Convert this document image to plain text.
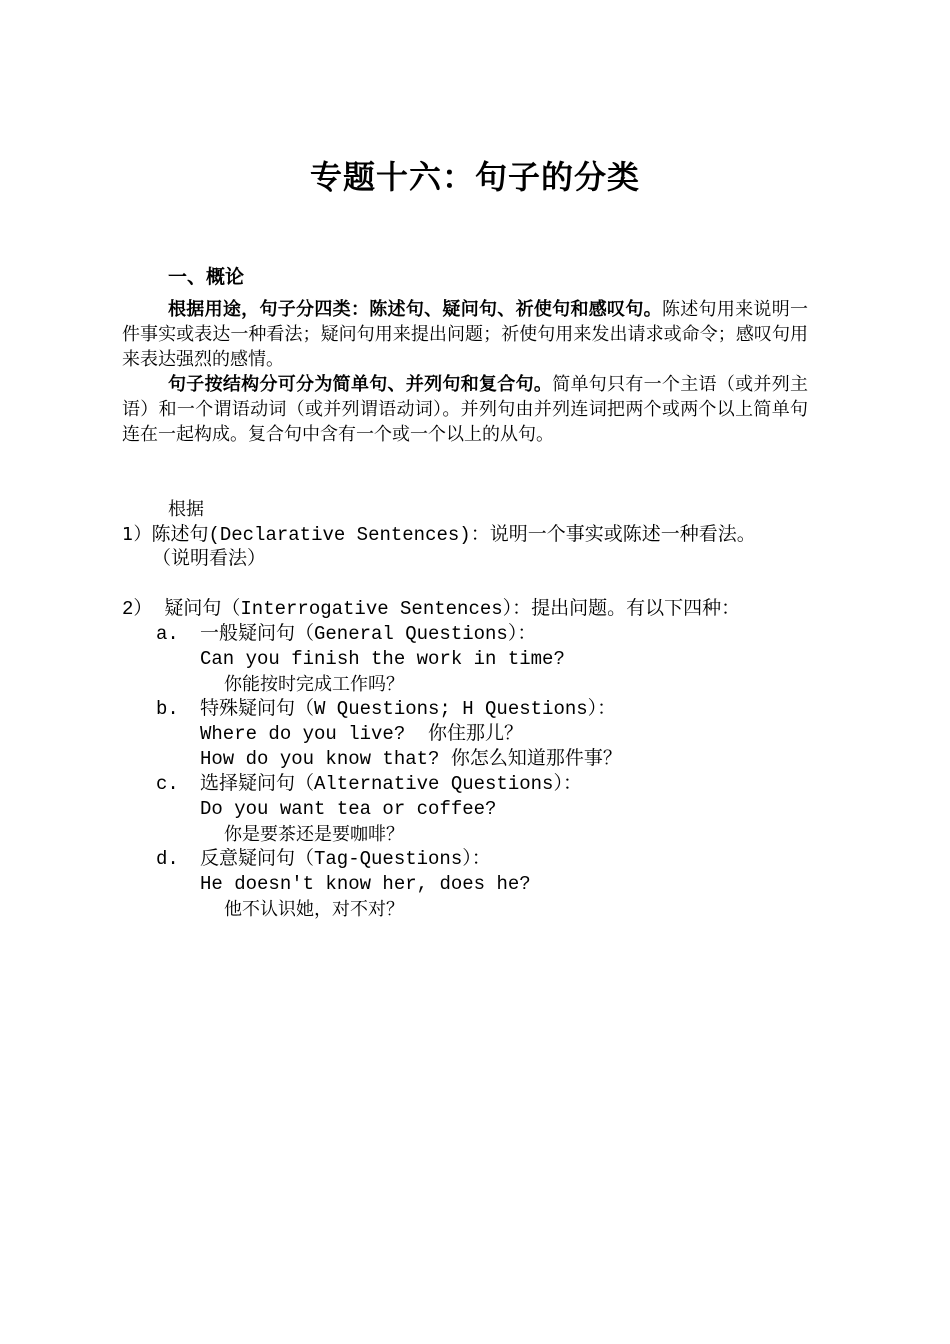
专题十六：句子的分类
一、概论
根据用途，句子分四类：陈述句、疑问句、祈使句和感叹句。陈述句用来说明一件事实或表达一种看法；疑问句用来提出问题；祈使句用来发出请求或命令；感叹句用来表达强烈的感情。
句子按结构分可分为简单句、并列句和复合句。简单句只有一个主语（或并列主语）和一个谓语动词（或并列谓语动词）。并列句由并列连词把两个或两个以上简单句连在一起构成。复合句中含有一个或一个以上的从句。
根据
1）陈述句(Declarative Sentences)：说明一个事实或陈述一种看法。
（说明看法）
2） 疑问句（Interrogative Sentences）：提出问题。有以下四种：
a. 一般疑问句（General Questions）：
Can you finish the work in time?
你能按时完成工作吗？
b. 特殊疑问句（W Questions; H Questions）：
Where do you live?  你住那儿？
How do you know that? 你怎么知道那件事？
c. 选择疑问句（Alternative Questions）：
Do you want tea or coffee?
你是要茶还是要咖啡？
d. 反意疑问句（Tag-Questions）：
He doesn't know her, does he?
他不认识她，对不对？
